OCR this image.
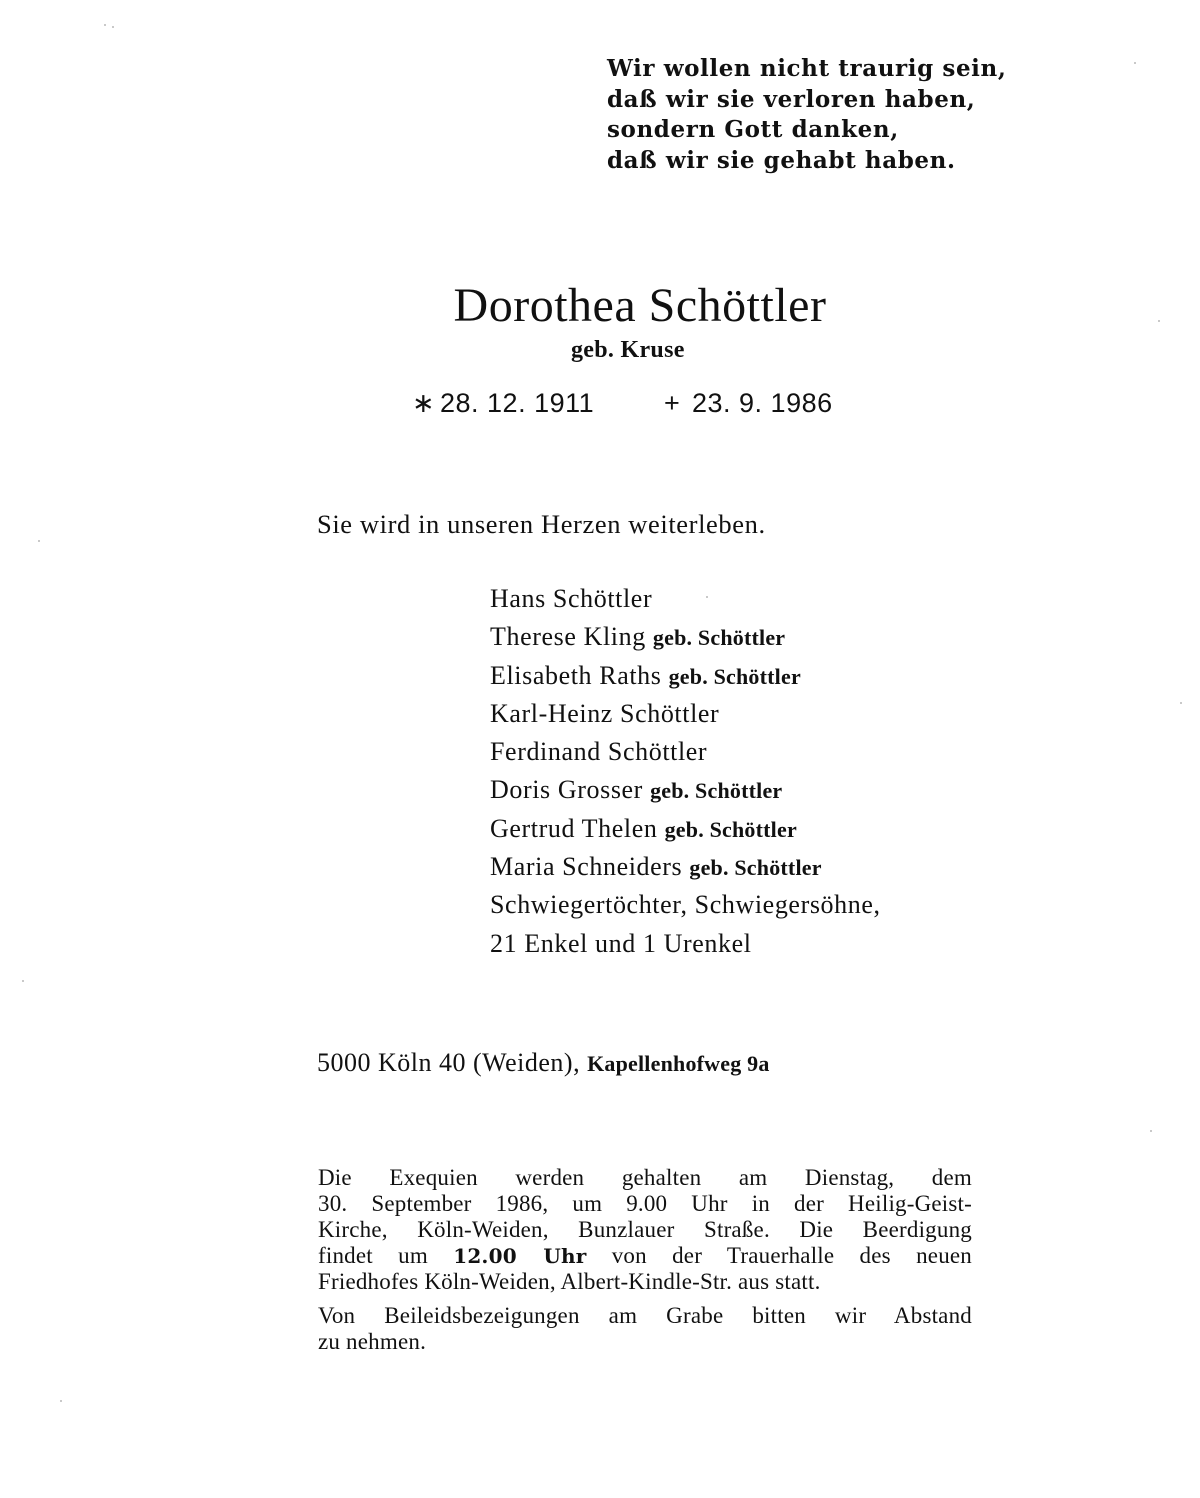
Wir wollen nicht traurig sein,
daß wir sie verloren haben,
sondern Gott danken,
daß wir sie gehabt haben.
Dorothea Schöttler
geb. Kruse
∗ 28. 12. 1911	+ 23. 9. 1986
Sie wird in unseren Herzen weiterleben.
Hans Schöttler
Therese Kling geb. Schöttler
Elisabeth Raths geb. Schöttler
Karl-Heinz Schöttler
Ferdinand Schöttler
Doris Grosser geb. Schöttler
Gertrud Thelen geb. Schöttler
Maria Schneiders geb. Schöttler
Schwiegertöchter, Schwiegersöhne,
21 Enkel und 1 Urenkel
5000 Köln 40 (Weiden), Kapellenhofweg 9a
Die Exequien werden gehalten am Dienstag, dem
30. September 1986, um 9.00 Uhr in der Heilig-Geist-
Kirche, Köln-Weiden, Bunzlauer Straße. Die Beerdigung
findet um 12.00 Uhr von der Trauerhalle des neuen
Friedhofes Köln-Weiden, Albert-Kindle-Str. aus statt.
Von Beileidsbezeigungen am Grabe bitten wir Abstand
zu nehmen.
